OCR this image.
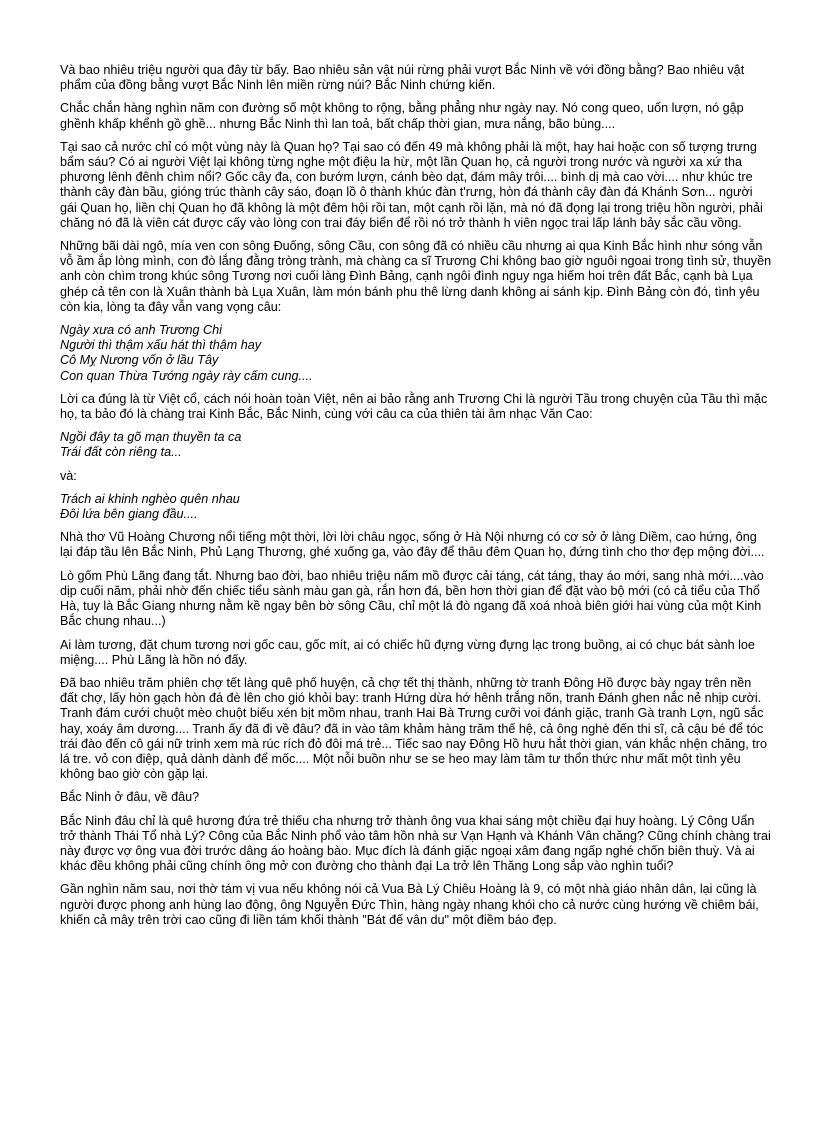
Và bao nhiêu triệu người qua đây từ bấy. Bao nhiêu sản vật núi rừng phải vượt Bắc Ninh về với đồng bằng? Bao nhiêu vật phẩm của đồng bằng vượt Bắc Ninh lên miền rừng núi? Bắc Ninh chứng kiến.

Chắc chắn hàng nghìn năm con đường số một không to rộng, bằng phẳng như ngày nay. Nó cong queo, uốn lượn, nó gập ghềnh khấp khểnh gồ ghề... nhưng Bắc Ninh thì lan toả, bất chấp thời gian, mưa nắng, bão bùng....

Tại sao cả nước chỉ có một vùng này là Quan họ? Tại sao có đến 49 mà không phải là một, hay hai hoặc con số tượng trưng bẩm sáu? Có ai người Việt lại không từng nghe một điệu la hừ, một lần Quan họ, cả người trong nước và người xa xứ tha phương lênh đênh chìm nổi? Gốc cây đa, con bướm lượn, cánh bèo dạt, đám mây trôi.... bình dị mà cao vời.... như khúc tre thành cây đàn bầu, gióng trúc thành cây sáo, đoạn lồ ô thành khúc đàn t'rưng, hòn đá thành cây đàn đá Khánh Sơn... người gái Quan họ, liền chị Quan họ đã không là một đêm hội rồi tan, một cạnh rồi lặn, mà nó đã đọng lại trong triệu hồn người, phải chăng nó đã là viên cát được cấy vào lòng con trai đáy biển để rồi nó trở thành h viên ngọc trai lấp lánh bảy sắc cầu vồng.

Những bãi dài ngô, mía ven con sông Đuống, sông Cầu, con sông đã có nhiều cầu nhưng ai qua Kinh Bắc hình như sóng vẫn vỗ ầm ắp lòng mình, con đò lắng đằng tròng trành, mà chàng ca sĩ Trương Chi không bao giờ nguôi ngoai trong tình sử, thuyền anh còn chìm trong khúc sông Tương nơi cuối làng Đình Bảng, cạnh ngôi đình nguy nga hiếm hoi trên đất Bắc, cạnh bà Lụa ghép cả tên con là Xuân thành bà Lụa Xuân, làm món bánh phu thê lừng danh không ai sánh kịp. Đình Bảng còn đó, tình yêu còn kia, lòng ta đây vẫn vang vọng câu:

Ngày xưa có anh Trương Chi

Người thì thậm xấu hát thì thậm hay

Cô Mỵ Nương vốn ở lầu Tây

Con quan Thừa Tướng ngày rày cấm cung....

Lời ca đúng là từ Việt cổ, cách nói hoàn toàn Việt, nên ai bảo rằng anh Trương Chi là người Tầu trong chuyện của Tầu thì mặc họ, ta bảo đó là chàng trai Kinh Bắc, Bắc Ninh, cùng với câu ca của thiên tài âm nhạc Văn Cao:

Ngồi đây ta gõ mạn thuyền ta ca

Trái đất còn riêng ta...

và:

Trách ai khinh nghèo quên nhau

Đôi lứa bên giang đầu....

Nhà thơ Vũ Hoàng Chương nổi tiếng một thời, lời lời châu ngọc, sống ở Hà Nội nhưng có cơ sở ở làng Diềm, cao hứng, ông lại đáp tầu lên Bắc Ninh, Phủ Lạng Thương, ghé xuống ga, vào đây để thâu đêm Quan họ, đứng tình cho thơ đẹp mộng đời....

Lò gốm Phù Lãng đang tắt. Nhưng bao đời, bao nhiêu triệu nấm mồ được cải táng, cát táng, thay áo mới, sang nhà mới....vào dịp cuối năm, phải nhờ đến chiếc tiểu sành màu gan gà, rắn hơn đá, bền hơn thời gian để đặt vào bộ mới (có cả tiểu của Thổ Hà, tuy là Bắc Giang nhưng nằm kề ngay bên bờ sông Cầu, chỉ một lá đò ngang đã xoá nhoà biên giới hai vùng của một Kinh Bắc chung nhau...)

Ai làm tương, đặt chum tương nơi gốc cau, gốc mít, ai có chiếc hũ đựng vừng đựng lạc trong buồng, ai có chục bát sành loe miệng.... Phù Lãng là hồn nó đấy.

Đã bao nhiêu trăm phiên chợ tết làng quê phố huyện, cả chợ tết thị thành, những tờ tranh Đông Hồ được bày ngay trên nền đất chợ, lấy hòn gạch hòn đá đè lên cho gió khỏi bay: tranh Hứng dừa hớ hênh trắng nõn, tranh Đánh ghen nắc nẻ nhịp cười. Tranh đám cưới chuột mèo chuột biếu xén bịt mồm nhau, tranh Hai Bà Trưng cưỡi voi đánh giặc, tranh Gà tranh Lợn, ngũ sắc hay, xoáy âm dương.... Tranh ấy đã đi về đâu? đã in vào tâm khảm hàng trăm thế hệ, cả ông nghè đến thi sĩ, cả cậu bé để tóc trái đào đến cô gái nữ trinh xem mà rúc rích đỏ đôi má trẻ... Tiếc sao nay Đông Hồ hưu hắt thời gian, ván khắc nhện chăng, tro lá tre. vỏ con điệp, quả dành dành để mốc.... Một nỗi buồn như se se heo may làm tâm tư thổn thức như mất một tình yêu không bao giờ còn gặp lại.

Bắc Ninh ở đâu, về đâu?

Bắc Ninh đâu chỉ là quê hương đứa trẻ thiếu cha nhưng trở thành ông vua khai sáng một chiều đại huy hoàng. Lý Công Uẩn trở thành Thái Tổ nhà Lý? Công của Bắc Ninh phổ vào tâm hồn nhà sư Vạn Hạnh và Khánh Vân chăng? Cũng chính chàng trai này được vợ ông vua đời trước dâng áo hoàng bào. Mục đích là đánh giặc ngoại xâm đang ngấp nghé chốn biên thuỳ. Và ai khác đều không phải cũng chính ông mở con đường cho thành đại La trở lên Thăng Long sắp vào nghìn tuổi?

Gần nghìn năm sau, nơi thờ tám vị vua nếu không nói cả Vua Bà Lý Chiêu Hoàng là 9, có một nhà giáo nhân dân, lại cũng là người được phong anh hùng lao động, ông Nguyễn Đức Thìn, hàng ngày nhang khói cho cả nước cùng hướng về chiêm bái, khiến cả mây trên trời cao cũng đi liền tám khối thành "Bát đế vân du" một điềm báo đẹp.
